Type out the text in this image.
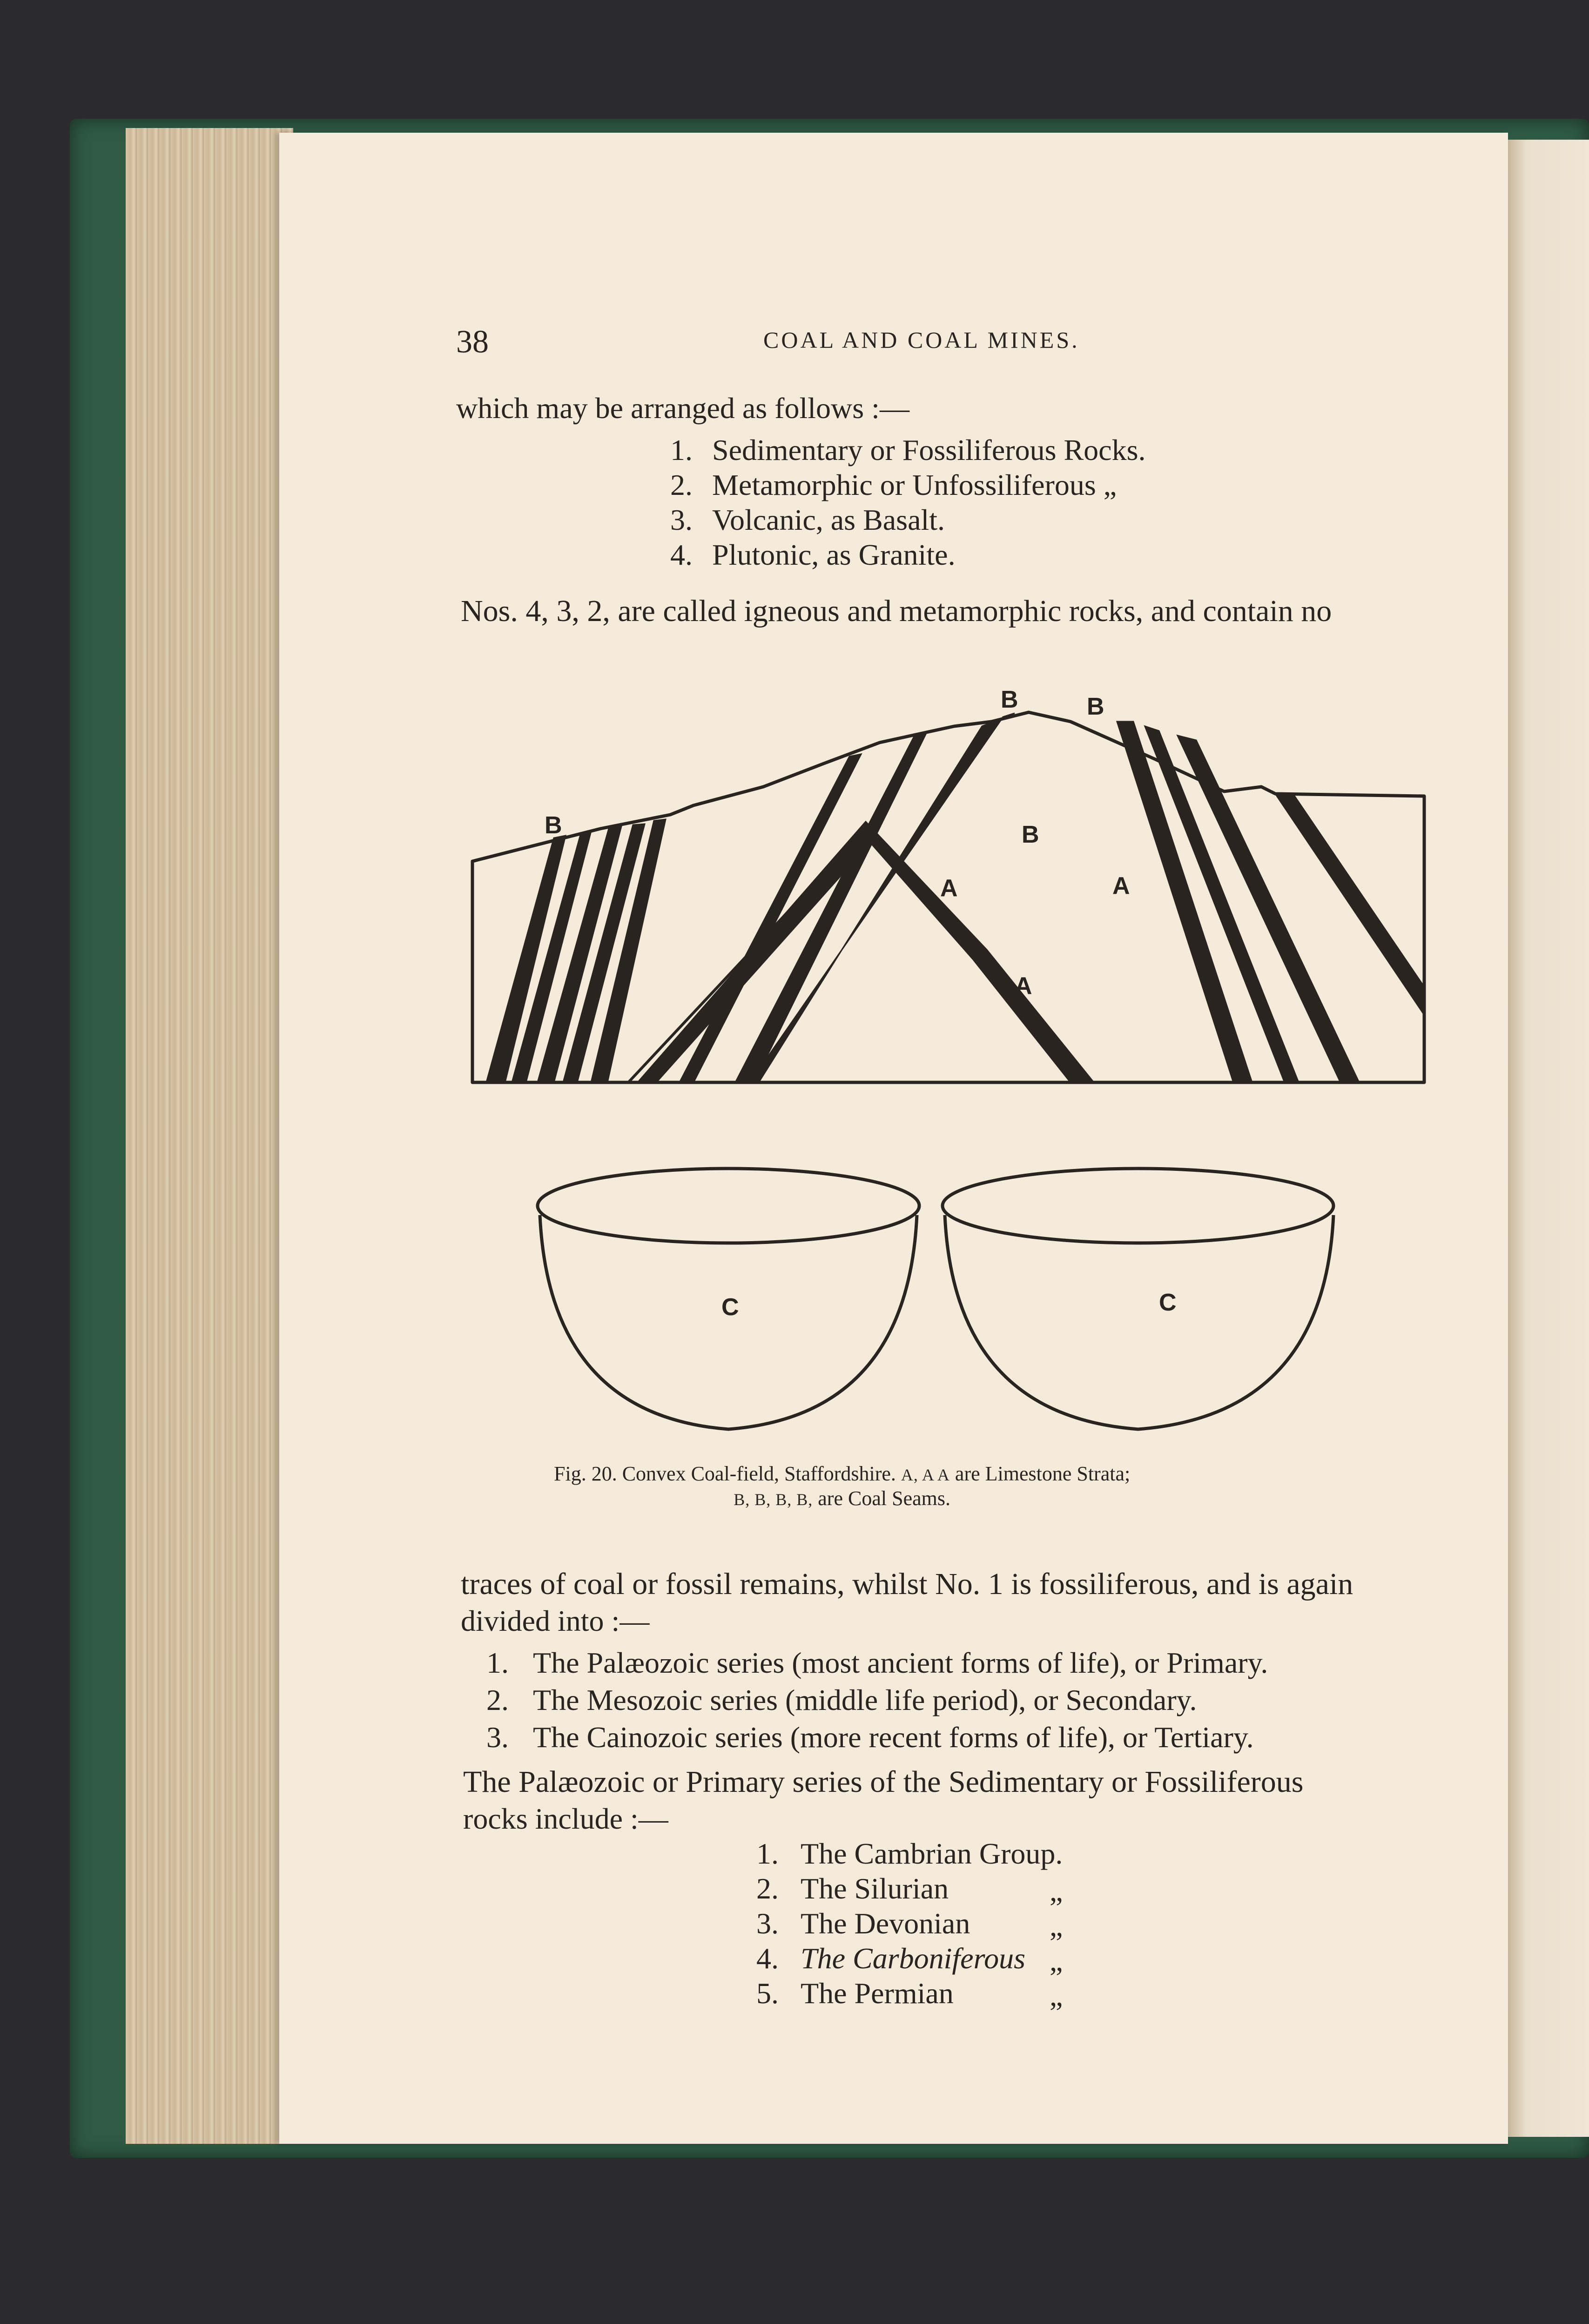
38	COAL AND COAL MINES.
which may be arranged as follows :—
1. Sedimentary or Fossiliferous Rocks.
2. Metamorphic or Unfossiliferous „
3. Volcanic, as Basalt.
4. Plutonic, as Granite.
Nos. 4, 3, 2, are called igneous and metamorphic rocks, and contain no
B
B	B
B
A	A
A
C	C
Fig. 20. Convex Coal-field, Staffordshire. A, A A are Limestone Strata;
B, B, B, B, are Coal Seams.
traces of coal or fossil remains, whilst No. 1 is fossiliferous, and is again
divided into :—
1. The Palæozoic series (most ancient forms of life), or Primary.
2. The Mesozoic series (middle life period), or Secondary.
3. The Cainozoic series (more recent forms of life), or Tertiary.
The Palæozoic or Primary series of the Sedimentary or Fossiliferous
rocks include :—
1. The Cambrian Group.
2. The Silurian	„
3. The Devonian	„
4. The Carboniferous „
5. The Permian	„
